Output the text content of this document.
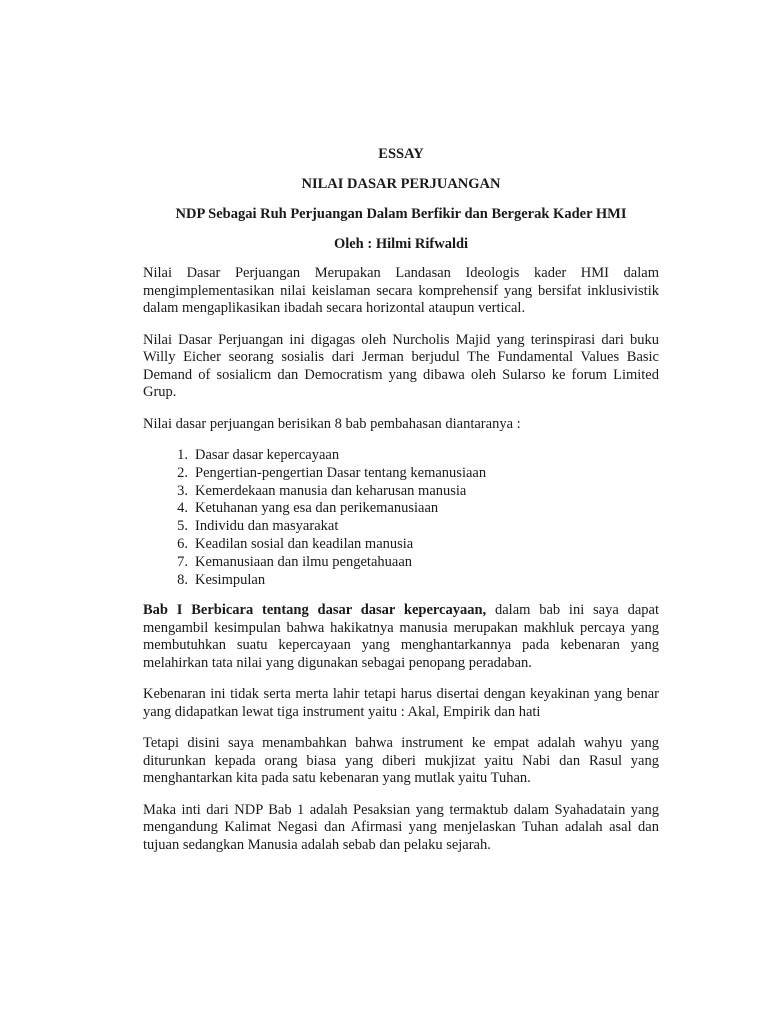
ESSAY

NILAI DASAR PERJUANGAN

NDP Sebagai Ruh Perjuangan Dalam Berfikir dan Bergerak Kader HMI

Oleh : Hilmi Rifwaldi

Nilai Dasar Perjuangan Merupakan Landasan Ideologis kader HMI dalam mengimplementasikan nilai keislaman secara komprehensif yang bersifat inklusivistik dalam mengaplikasikan ibadah secara horizontal ataupun vertical.

Nilai Dasar Perjuangan ini digagas oleh Nurcholis Majid yang terinspirasi dari buku Willy Eicher seorang sosialis dari Jerman berjudul The Fundamental Values Basic Demand of sosialicm dan Democratism yang dibawa oleh Sularso ke forum Limited Grup.

Nilai dasar perjuangan berisikan 8 bab pembahasan diantaranya :

1. Dasar dasar kepercayaan
2. Pengertian-pengertian Dasar tentang kemanusiaan
3. Kemerdekaan manusia dan keharusan manusia
4. Ketuhanan yang esa dan perikemanusiaan
5. Individu dan masyarakat
6. Keadilan sosial dan keadilan manusia
7. Kemanusiaan dan ilmu pengetahuaan
8. Kesimpulan

Bab I Berbicara tentang dasar dasar kepercayaan, dalam bab ini saya dapat mengambil kesimpulan bahwa hakikatnya manusia merupakan makhluk percaya yang membutuhkan suatu kepercayaan yang menghantarkannya pada kebenaran yang melahirkan tata nilai yang digunakan sebagai penopang peradaban.

Kebenaran ini tidak serta merta lahir tetapi harus disertai dengan keyakinan yang benar yang didapatkan lewat tiga instrument yaitu : Akal, Empirik dan hati

Tetapi disini saya menambahkan bahwa instrument ke empat adalah wahyu yang diturunkan kepada orang biasa yang diberi mukjizat yaitu Nabi dan Rasul yang menghantarkan kita pada satu kebenaran yang mutlak yaitu Tuhan.

Maka inti dari NDP Bab 1 adalah Pesaksian yang termaktub dalam Syahadatain yang mengandung Kalimat Negasi dan Afirmasi yang menjelaskan Tuhan adalah asal dan tujuan sedangkan Manusia adalah sebab dan pelaku sejarah.
